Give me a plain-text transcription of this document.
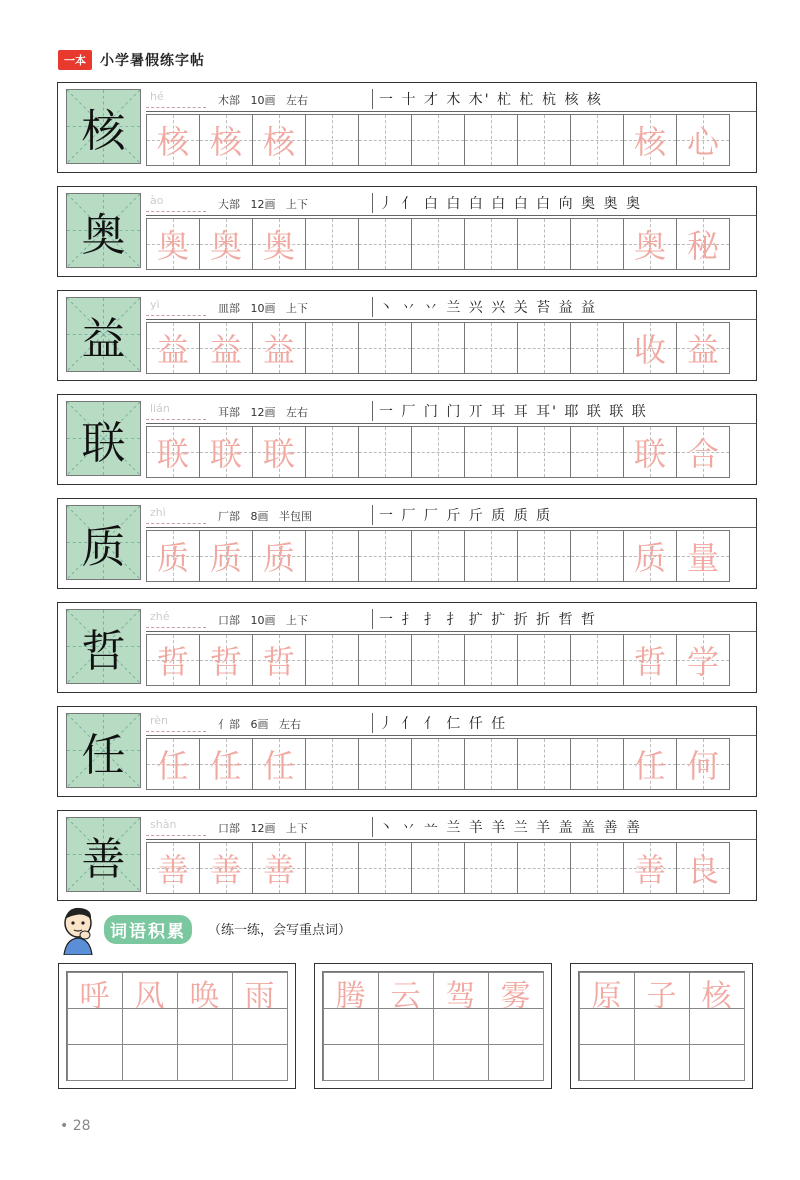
一本	小学暑假练字帖
核
hé	木部 10画 左右	一 十 才 木 木' 杧 杧 杭 核 核
核 核 核	核 心
奥
ào	大部 12画 上下	丿 亻 白 白 白 白 白 白 向 奥 奥 奥
奥 奥 奥	奥 秘
益
yì	皿部 10画 上下	丶 丷 丷 兰 兴 兴 关 苔 益 益
益 益 益	收 益
联
lián	耳部 12画 左右	一 厂 门 门 丌 耳 耳 耳' 耶 联 联 联
联 联 联	联 合
质
zhì	厂部 8画 半包围	一 厂 厂 斤 斤 质 质 质
质 质 质	质 量
哲
zhé	口部 10画 上下	一 扌 扌 扌 扩 扩 折 折 哲 哲
哲 哲 哲	哲 学
任
rèn	亻部 6画 左右	丿 亻 亻 仁 仟 任
任 任 任	任 何
善
shàn	口部 12画 上下	丶 丷 䒑 兰 羊 羊 兰 羊 盖 盖 善 善
善 善 善	善 良
词语积累	（练一练，会写重点词）
呼 风 唤 雨	腾 云 驾 雾	原 子 核
• 28
